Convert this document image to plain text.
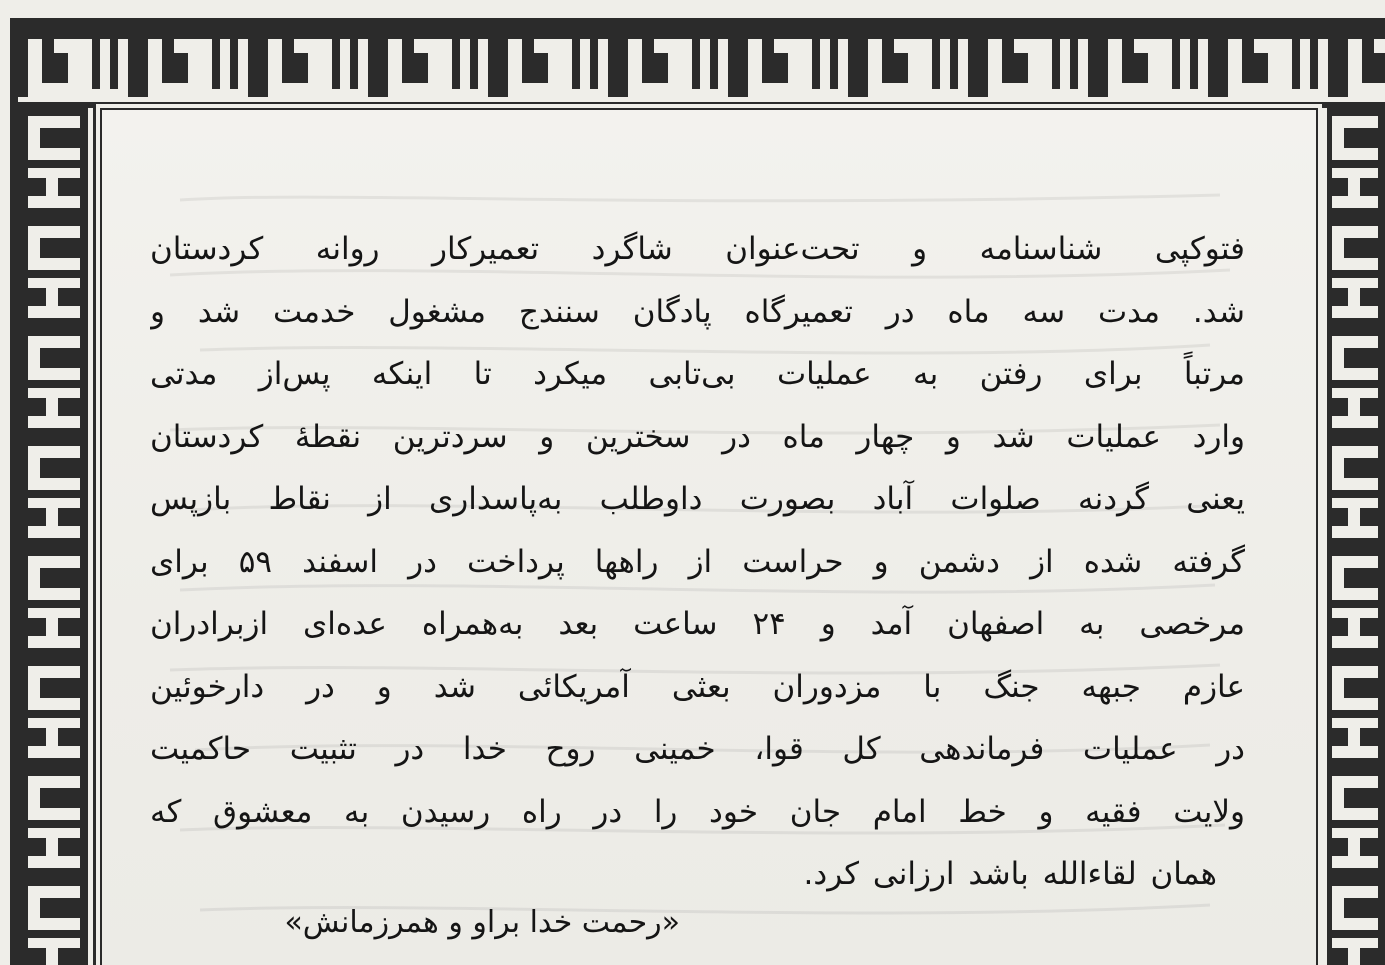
فتوکپی شناسنامه و تحت‌عنوان شاگرد تعمیرکار روانه کردستان
شد. مدت سه ماه در تعمیرگاه پادگان سنندج مشغول خدمت شد و
مرتباً برای رفتن به عملیات بی‌تابی میکرد تا اینکه پس‌از مدتی
وارد عملیات شد و چهار ماه در سخترین و سردترین نقطهٔ کردستان
یعنی گردنه صلوات آباد بصورت داوطلب به‌پاسداری از نقاط بازپس
گرفته شده از دشمن و حراست از راهها پرداخت در اسفند ۵۹ برای
مرخصی به اصفهان آمد و ۲۴ ساعت بعد به‌همراه عده‌ای ازبرادران
عازم جبهه جنگ با مزدوران بعثی آمریکائی شد و در دارخوئین
در عملیات فرماندهی کل قوا، خمینی روح خدا در تثبیت حاکمیت
ولایت فقیه و خط امام جان خود را در راه رسیدن به معشوق که
همان لقاءالله باشد ارزانی کرد.
«رحمت خدا براو و همرزمانش»
